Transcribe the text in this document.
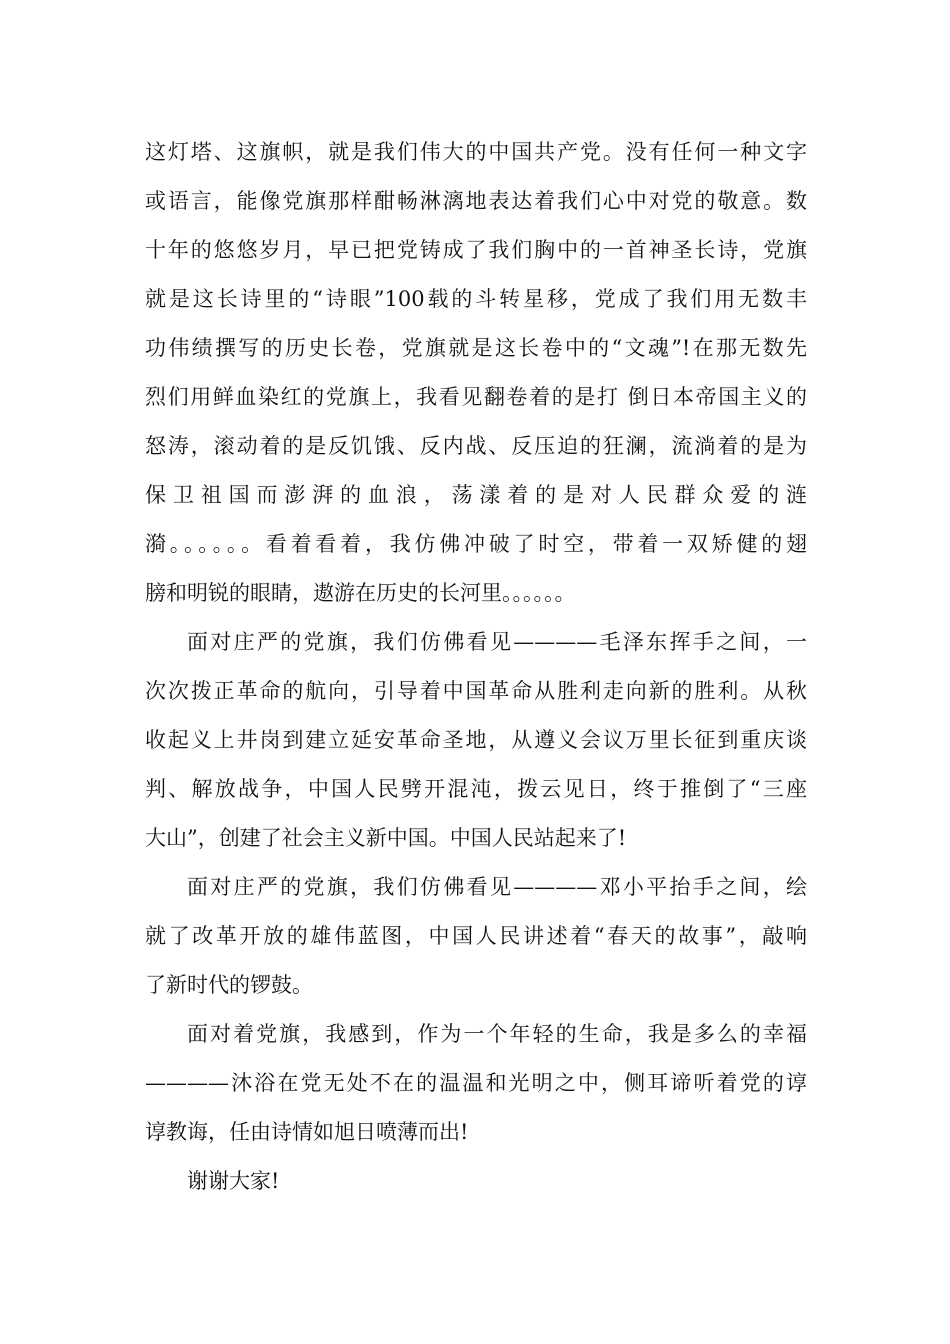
这灯塔、这旗帜，就是我们伟大的中国共产党。没有任何一种文字
或语言，能像党旗那样酣畅淋漓地表达着我们心中对党的敬意。数
十年的悠悠岁月，早已把党铸成了我们胸中的一首神圣长诗，党旗
就是这长诗里的“诗眼”100载的斗转星移，党成了我们用无数丰
功伟绩撰写的历史长卷，党旗就是这长卷中的“文魂”!在那无数先
烈们用鲜血染红的党旗上，我看见翻卷着的是打 倒日本帝国主义的
怒涛，滚动着的是反饥饿、反内战、反压迫的狂澜，流淌着的是为
保卫祖国而澎湃的血浪，荡漾着的是对人民群众爱的涟
漪。。。。。。看着看着，我仿佛冲破了时空，带着一双矫健的翅
膀和明锐的眼睛，遨游在历史的长河里。。。。。。
面对庄严的党旗，我们仿佛看见————毛泽东挥手之间，一
次次拨正革命的航向，引导着中国革命从胜利走向新的胜利。从秋
收起义上井岗到建立延安革命圣地，从遵义会议万里长征到重庆谈
判、解放战争，中国人民劈开混沌，拨云见日，终于推倒了“三座
大山”，创建了社会主义新中国。中国人民站起来了!
面对庄严的党旗，我们仿佛看见————邓小平抬手之间，绘
就了改革开放的雄伟蓝图，中国人民讲述着“春天的故事”，敲响
了新时代的锣鼓。
面对着党旗，我感到，作为一个年轻的生命，我是多么的幸福
————沐浴在党无处不在的温温和光明之中，侧耳谛听着党的谆
谆教诲，任由诗情如旭日喷薄而出!
谢谢大家!
